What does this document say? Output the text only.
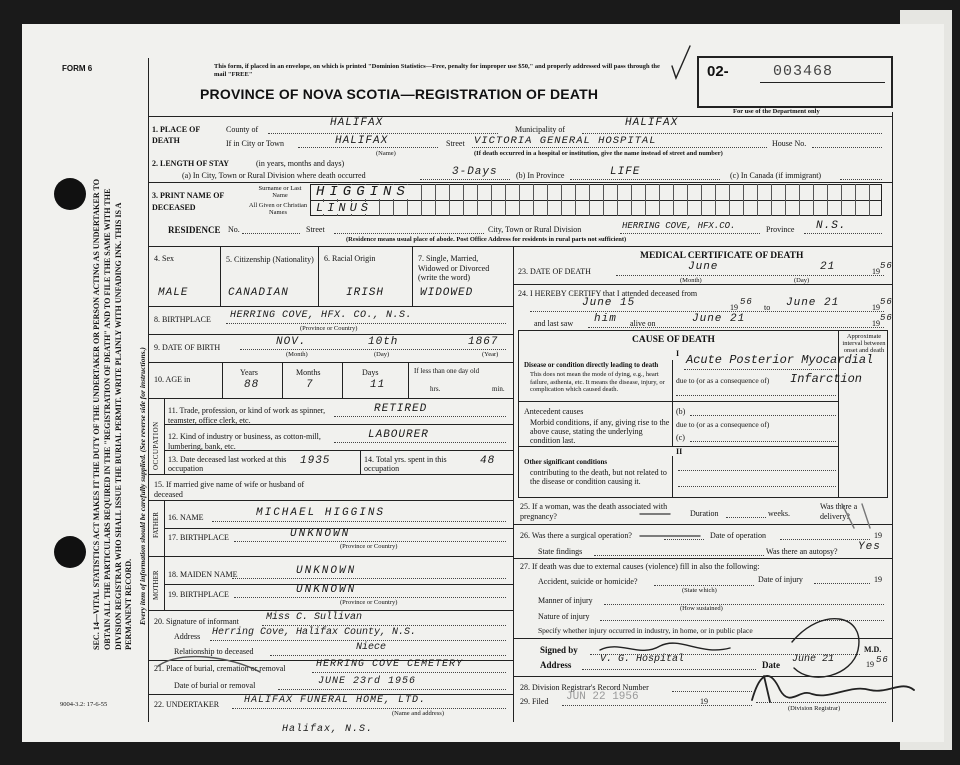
SEC. 14—VITAL STATISTICS ACT MAKES IT THE DUTY OF THE UNDERTAKER OR PERSON ACTING AS UNDERTAKER TO OBTAIN ALL THE PARTICULARS REQUIRED IN THE "REGISTRATION OF DEATH" AND TO FILE THE SAME WITH THE DIVISION REGISTRAR WHO SHALL ISSUE THE BURIAL PERMIT. WRITE PLAINLY WITH UNFADING INK. THIS IS A PERMANENT RECORD. Every item of information should be carefully supplied. (See reverse side for instructions.)
FORM 6
9004-3.2: 17-6-55
This form, if placed in an envelope, on which is printed "Dominion Statistics—Free, penalty for improper use $50," and properly addressed will pass through the mail "FREE"
PROVINCE OF NOVA SCOTIA—REGISTRATION OF DEATH
02-	003468
For use of the Department only
1. PLACE OF DEATH
County of
HALIFAX
Municipality of
HALIFAX
If in City or Town	HALIFAX
(Name)
Street VICTORIA GENERAL HOSPITAL	House No.
(If death occurred in a hospital or institution, give the name instead of street and number)
2. LENGTH OF STAY	(in years, months and days)
(a) In City, Town or Rural Division where death occurred	3-Days (b) In Province	LIFE	(c) In Canada (if immigrant)
3. PRINT NAME OF DECEASED
Surname or Last Name
All Given or Christian Names
HIGGINS
LINUS
RESIDENCE No.	Street	City, Town or Rural Division	HERRING COVE, HFX.CO.	Province N.S.
(Residence means usual place of abode. Post Office Address for residents in rural parts not sufficient)
4. Sex	5. Citizenship (Nationality) 6. Racial Origin	7. Single, Married, Widowed or Divorced (write the word)
MALE	CANADIAN	IRISH	WIDOWED
8. BIRTHPLACE HERRING COVE, HFX. CO., N.S.
(Province or Country)
9. DATE OF BIRTH	NOV.	10th	1867
(Month)	(Day)	(Year)
10. AGE in
Years	Months	Days	If less than one day old
hrs.	min.
88	7	11
OCCUPATION
11. Trade, profession, or kind of work as spinner, teamster, office clerk, etc.
RETIRED
12. Kind of industry or business, as cotton-mill, lumbering, bank, etc.
LABOURER
13. Date deceased last worked at this occupation
1935	14. Total yrs. spent in this occupation
48
15. If married give name of wife or husband of deceased
FATHER 16. NAME	MICHAEL HIGGINS
17. BIRTHPLACE	UNKNOWN
(Province or Country)
MOTHER 18. MAIDEN NAME	UNKNOWN
19. BIRTHPLACE	UNKNOWN
(Province or Country)
20. Signature of informant	Miss C. Sullivan
Address Herring Cove, Halifax County, N.S.
Relationship to deceased	Niece
21. Place of burial, cremation or removal	HERRING COVE CEMETERY
Date of burial or removal	JUNE 23rd 1956
22. UNDERTAKER HALIFAX FUNERAL HOME, LTD.
(Name and address)
Halifax, N.S.
MEDICAL CERTIFICATE OF DEATH
23. DATE OF DEATH	June	21	19
56
(Month)	(Day)
24. I HEREBY CERTIFY that I attended deceased from
June 15	19
56
to June 21	19
56
and last saw him alive on	June 21	19
56
CAUSE OF DEATH	Approximate interval between onset and death
I
Disease or condition directly leading to death
This does not mean the mode of dying, e.g., heart failure, asthenia, etc. It means the disease, injury, or complication which caused death.
Acute Posterior Myocardial
due to (or as a consequence of) Infarction
Antecedent causes
Morbid conditions, if any, giving rise to the above cause, stating the underlying condition last.
(b)
due to (or as a consequence of)
(c)
II
Other significant conditions
contributing to the death, but not related to the disease or condition causing it.
25. If a woman, was the death associated with pregnancy?	Duration	weeks.
Was there a delivery?
26. Was there a surgical operation?	Date of operation	19
State findings	Was there an autopsy? Yes
27. If death was due to external causes (violence) fill in also the following:
Accident, suicide or homicide?
(State which)
Date of injury	19
Manner of injury
Nature of injury
(How sustained)
Specify whether injury occurred in industry, in home, or in public place
Signed by	M.D.
Address	V. G. Hospital	Date June 21	19 56
28. Division Registrar's Record Number
29. Filed JUN 22 1956	19
(Division Registrar)
